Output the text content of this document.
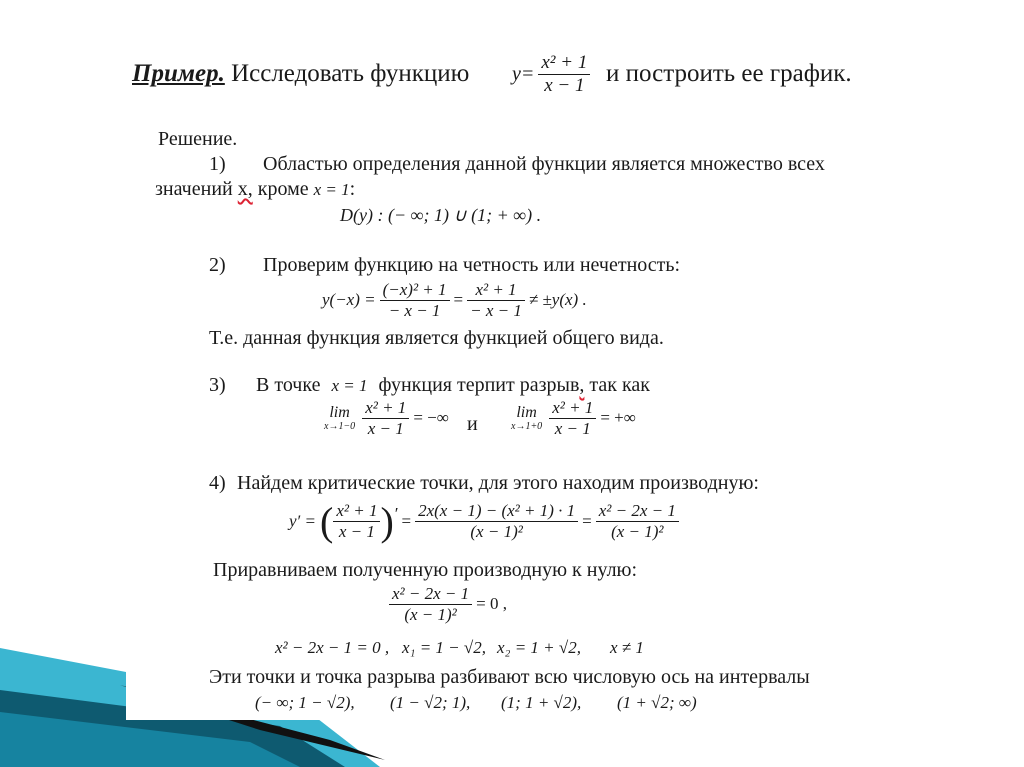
Пример. Исследовать функцию $y= \frac{\text{x² + 1}}{x - 1}$ и построить ее график.
Решение.
1) Областью определения данной функции является множество всех
значений x, кроме x = 1:
D(y) : (− ∞; 1) ∪ (1; + ∞) .
2) Проверим функцию на четность или нечетность:
$y(-x) = \frac{\text{(−x)² + 1}}{- x - 1} = \frac{\text{x² + 1}}{- x - 1} \ne \pm y(x)$ .
Т.е. данная функция является функцией общего вида.
3) В точке x = 1 функция терпит разрыв, так как
lim
x→1−0
$\frac{\text{x² + 1}}{x - 1}$ = −∞ и
lim
x→1+0
$\frac{\text{x² + 1}}{x - 1}$ = +∞
4) Найдем критические точки, для этого находим производную:
y′ = ( $\frac{\text{x² + 1}}{x - 1} )' = \frac{\text{2x(x − 1) − (x² + 1) · 1}}{\text{(x − 1)²}} = \frac{\text{x² − 2x − 1}}{\text{(x − 1)²}}$
Приравниваем полученную производную к нулю:
$\frac{\text{x² − 2x − 1}}{\text{(x − 1)²}} = 0$ ,
x² − 2x − 1 = 0 , x₁ = 1 − √2, x₂ = 1 + √2, x ≠ 1
Эти точки и точка разрыва разбивают всю числовую ось на интервалы
(− ∞; 1 − √2), (1 − √2; 1), (1; 1 + √2), (1 + √2; ∞)
